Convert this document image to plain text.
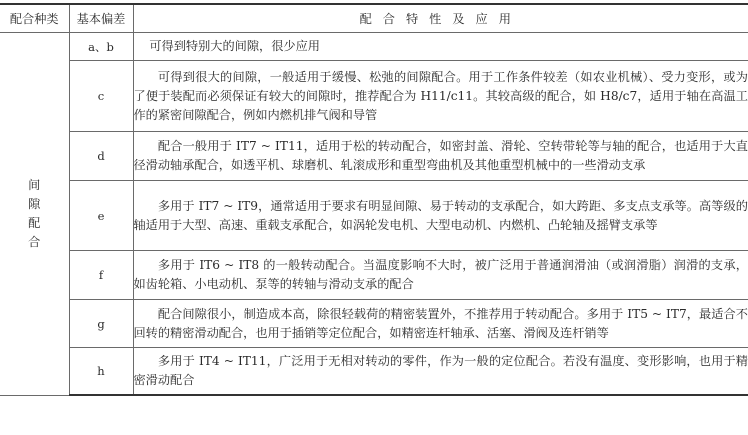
配合种类	基本偏差	配合特性及应用
间隙配合	a、b	可得到特别大的间隙，很少应用

	c	可得到很大的间隙，一般适用于缓慢、松弛的间隙配合。用于工作条件较差（如农业机械）、受力变形，或为了便于装配而必须保证有较大的间隙时，推荐配合为 H11/c11。其较高级的配合，如 H8/c7，适用于轴在高温工作的紧密间隙配合，例如内燃机排气阀和导管

	d	配合一般用于 IT7 ~ IT11，适用于松的转动配合，如密封盖、滑轮、空转带轮等与轴的配合，也适用于大直径滑动轴承配合，如透平机、球磨机、轧滚成形和重型弯曲机及其他重型机械中的一些滑动支承

	e	多用于 IT7 ~ IT9，通常适用于要求有明显间隙、易于转动的支承配合，如大跨距、多支点支承等。高等级的轴适用于大型、高速、重载支承配合，如涡轮发电机、大型电动机、内燃机、凸轮轴及摇臂支承等

	f	多用于 IT6 ~ IT8 的一般转动配合。当温度影响不大时，被广泛用于普通润滑油（或润滑脂）润滑的支承，如齿轮箱、小电动机、泵等的转轴与滑动支承的配合

	g	配合间隙很小，制造成本高，除很轻载荷的精密装置外，不推荐用于转动配合。多用于 IT5 ~ IT7，最适合不回转的精密滑动配合，也用于插销等定位配合，如精密连杆轴承、活塞、滑阀及连杆销等

	h	多用于 IT4 ~ IT11，广泛用于无相对转动的零件，作为一般的定位配合。若没有温度、变形影响，也用于精密滑动配合
